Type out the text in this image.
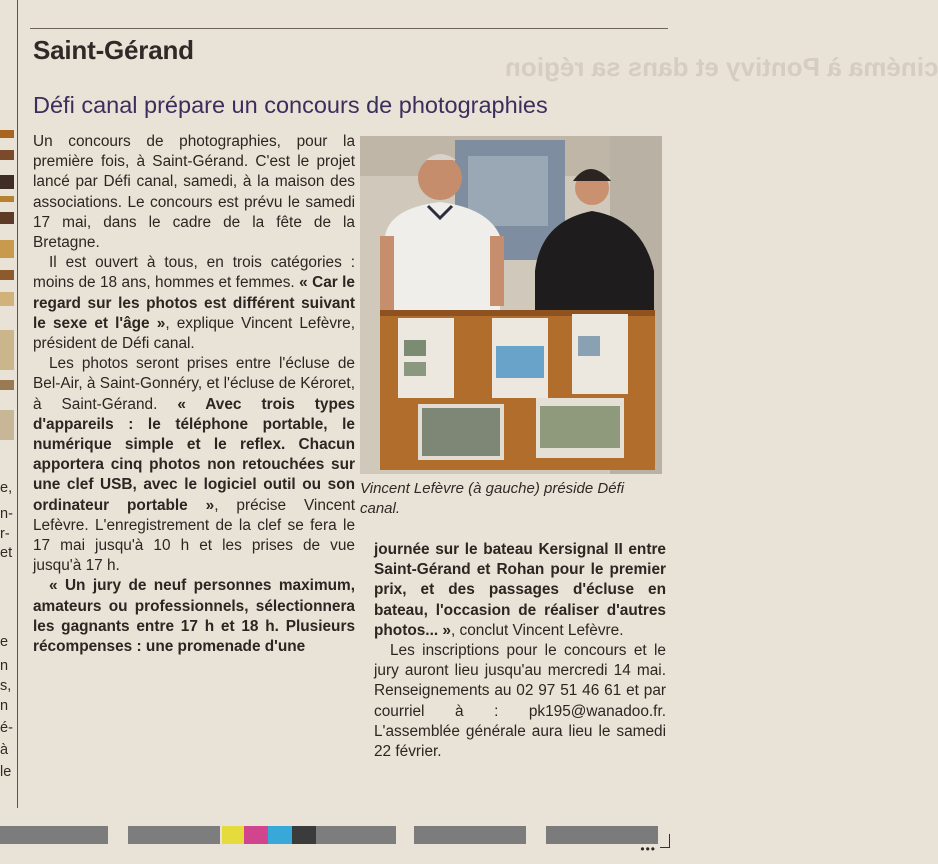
e,
n-
r-
et
e
n
s,
n
é-
à
le
cinéma à Pontivy et dans sa région
Saint-Gérand
Défi canal prépare un concours de photographies

Un concours de photographies, pour la première fois, à Saint-Gérand. C'est le projet lancé par Défi canal, samedi, à la maison des associations. Le concours est prévu le samedi 17 mai, dans le cadre de la fête de la Bretagne.

Il est ouvert à tous, en trois catégories : moins de 18 ans, hommes et femmes. « Car le regard sur les photos est différent suivant le sexe et l'âge », explique Vincent Lefèvre, président de Défi canal.

Les photos seront prises entre l'écluse de Bel-Air, à Saint-Gonnéry, et l'écluse de Kéroret, à Saint-Gérand. « Avec trois types d'appareils : le téléphone portable, le numérique simple et le reflex. Chacun apportera cinq photos non retouchées sur une clef USB, avec le logiciel outil ou son ordinateur portable », précise Vincent Lefèvre. L'enregistrement de la clef se fera le 17 mai jusqu'à 10 h et les prises de vue jusqu'à 17 h.

« Un jury de neuf personnes maximum, amateurs ou professionnels, sélectionnera les gagnants entre 17 h et 18 h. Plusieurs récompenses : une promenade d'une

Vincent Lefèvre (à gauche) préside Défi canal.

journée sur le bateau Kersignal II entre Saint-Gérand et Rohan pour le premier prix, et des passages d'écluse en bateau, l'occasion de réaliser d'autres photos... », conclut Vincent Lefèvre.

Les inscriptions pour le concours et le jury auront lieu jusqu'au mercredi 14 mai. Renseignements au 02 97 51 46 61 et par courriel à : pk195@wanadoo.fr. L'assemblée générale aura lieu le samedi 22 février.

•••
